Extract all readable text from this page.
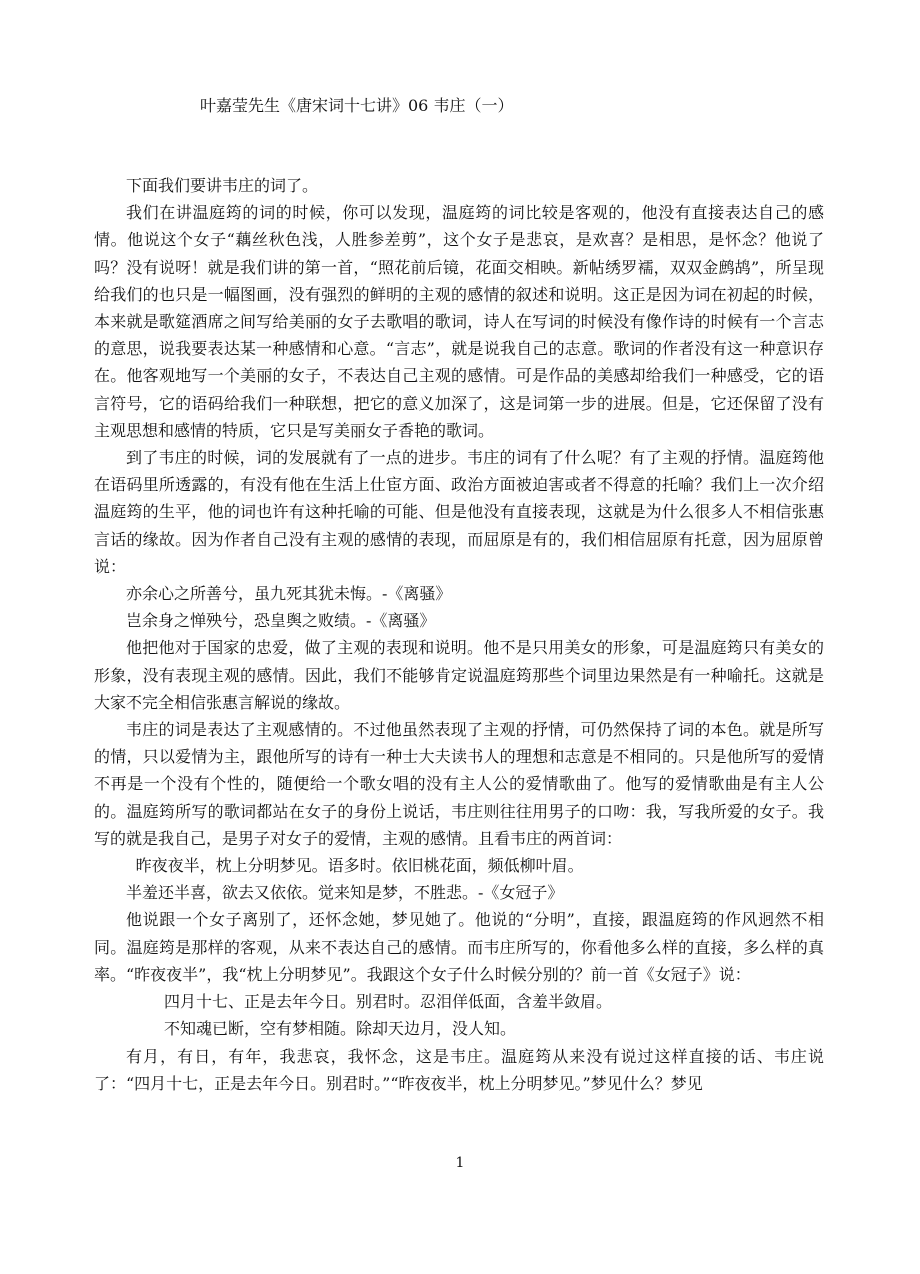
叶嘉莹先生《唐宋词十七讲》06 韦庄（一）

下面我们要讲韦庄的词了。

我们在讲温庭筠的词的时候，你可以发现，温庭筠的词比较是客观的，他没有直接表达自己的感情。他说这个女子“藕丝秋色浅，人胜参差剪”，这个女子是悲哀，是欢喜？是相思，是怀念？他说了吗？没有说呀！就是我们讲的第一首，“照花前后镜，花面交相映。新帖绣罗襦，双双金鹧鸪”，所呈现给我们的也只是一幅图画，没有强烈的鲜明的主观的感情的叙述和说明。这正是因为词在初起的时候，本来就是歌筵酒席之间写给美丽的女子去歌唱的歌词，诗人在写词的时候没有像作诗的时候有一个言志的意思，说我要表达某一种感情和心意。“言志”，就是说我自己的志意。歌词的作者没有这一种意识存在。他客观地写一个美丽的女子，不表达自己主观的感情。可是作品的美感却给我们一种感受，它的语言符号，它的语码给我们一种联想，把它的意义加深了，这是词第一步的进展。但是，它还保留了没有主观思想和感情的特质，它只是写美丽女子香艳的歌词。

到了韦庄的时候，词的发展就有了一点的进步。韦庄的词有了什么呢？有了主观的抒情。温庭筠他在语码里所透露的，有没有他在生活上仕宦方面、政治方面被迫害或者不得意的托喻？我们上一次介绍温庭筠的生平，他的词也许有这种托喻的可能、但是他没有直接表现，这就是为什么很多人不相信张惠言话的缘故。因为作者自己没有主观的感情的表现，而屈原是有的，我们相信屈原有托意，因为屈原曾说：

亦余心之所善兮，虽九死其犹未悔。-《离骚》

岂余身之惮殃兮，恐皇舆之败绩。-《离骚》

他把他对于国家的忠爱，做了主观的表现和说明。他不是只用美女的形象，可是温庭筠只有美女的形象，没有表现主观的感情。因此，我们不能够肯定说温庭筠那些个词里边果然是有一种喻托。这就是大家不完全相信张惠言解说的缘故。

韦庄的词是表达了主观感情的。不过他虽然表现了主观的抒情，可仍然保持了词的本色。就是所写的情，只以爱情为主，跟他所写的诗有一种士大夫读书人的理想和志意是不相同的。只是他所写的爱情不再是一个没有个性的，随便给一个歌女唱的没有主人公的爱情歌曲了。他写的爱情歌曲是有主人公的。温庭筠所写的歌词都站在女子的身份上说话，韦庄则往往用男子的口吻：我，写我所爱的女子。我写的就是我自己，是男子对女子的爱情，主观的感情。且看韦庄的两首词：

昨夜夜半，枕上分明梦见。语多时。依旧桃花面，频低柳叶眉。

半羞还半喜，欲去又依依。觉来知是梦，不胜悲。-《女冠子》

他说跟一个女子离别了，还怀念她，梦见她了。他说的“分明”，直接，跟温庭筠的作风迥然不相同。温庭筠是那样的客观，从来不表达自己的感情。而韦庄所写的，你看他多么样的直接，多么样的真率。“昨夜夜半”，我“枕上分明梦见”。我跟这个女子什么时候分别的？前一首《女冠子》说：

四月十七、正是去年今日。别君时。忍泪佯低面，含羞半敛眉。

不知魂已断，空有梦相随。除却天边月，没人知。

有月，有日，有年，我悲哀，我怀念，这是韦庄。温庭筠从来没有说过这样直接的话、韦庄说了：“四月十七，正是去年今日。别君时。”“昨夜夜半，枕上分明梦见。”梦见什么？梦见

1
